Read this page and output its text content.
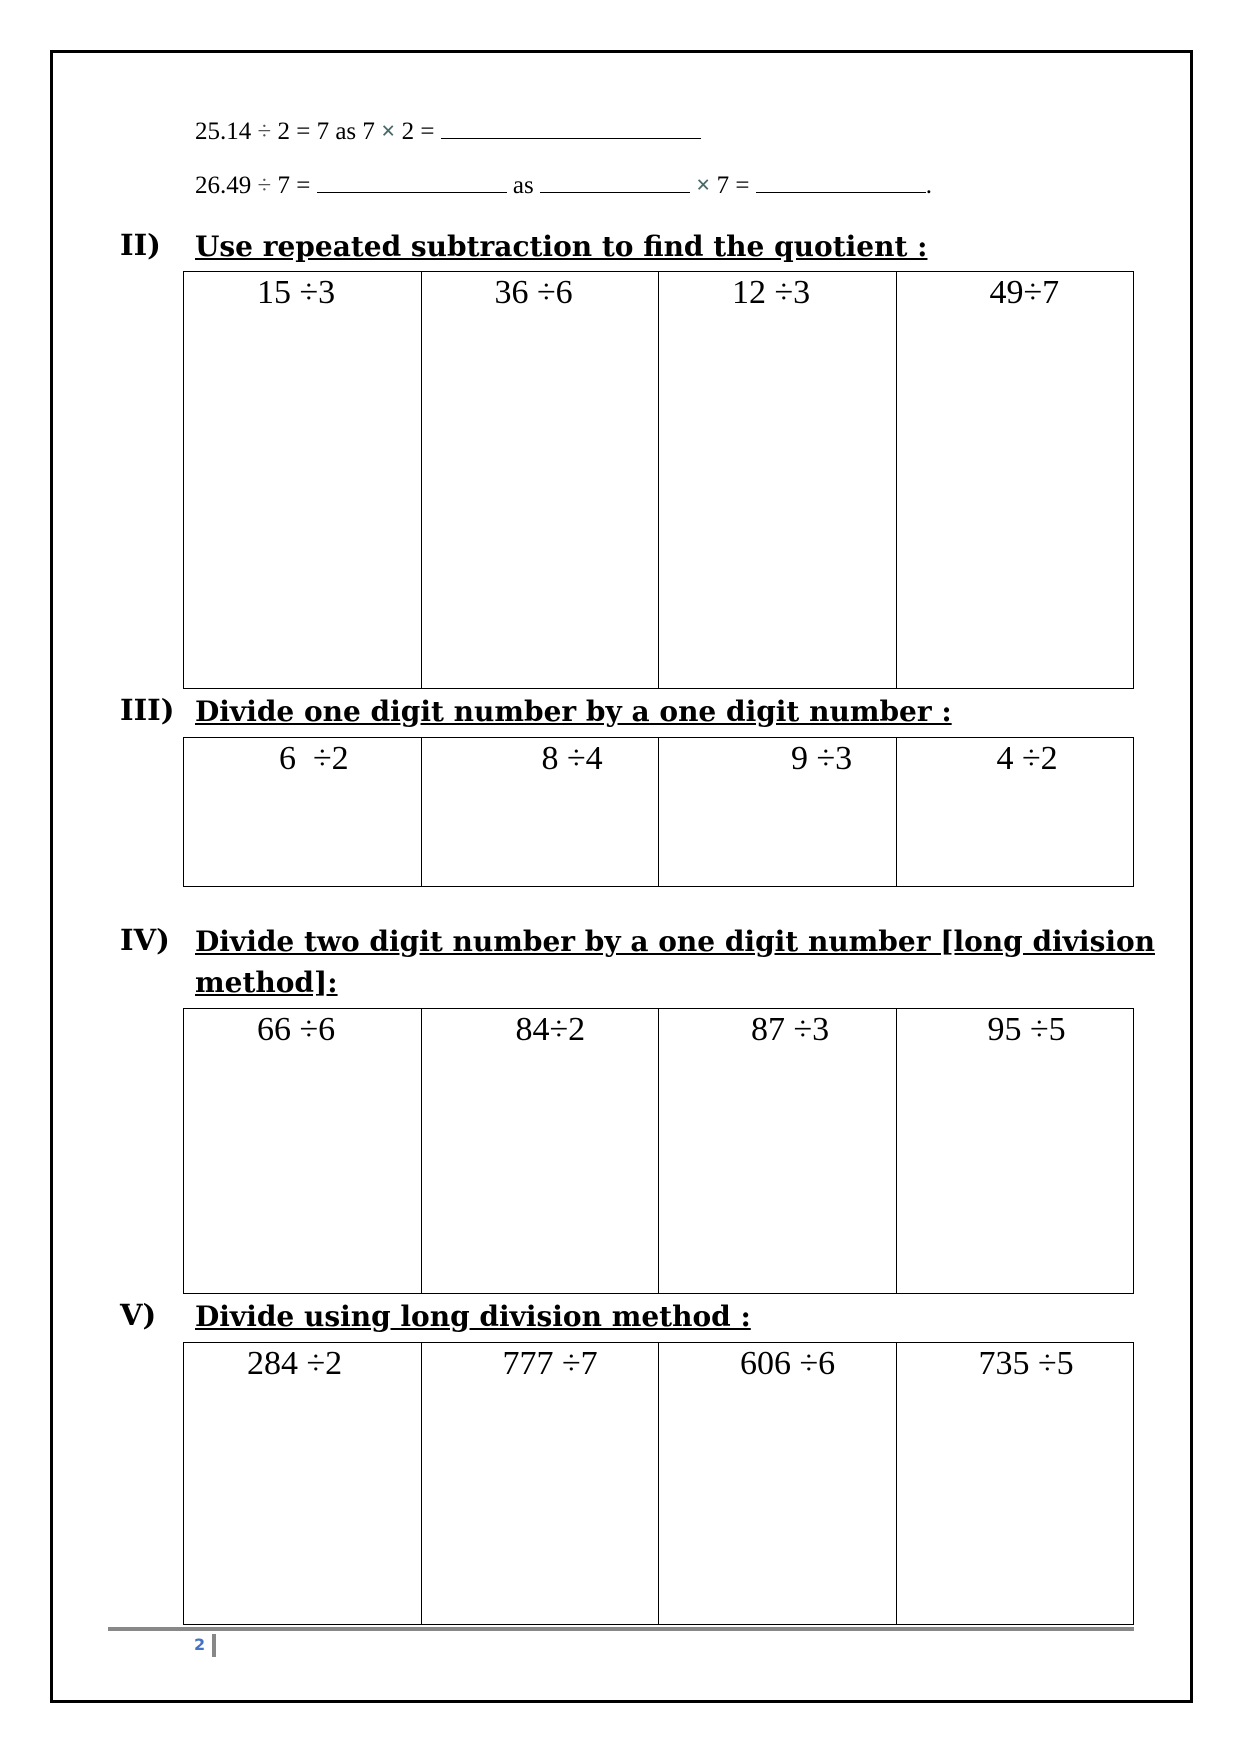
25.14 ÷ 2 = 7 as 7 × 2 =
26.49 ÷ 7 =	as	× 7 =	.
II) Use repeated subtraction to find the quotient :
15 ÷3	36 ÷6	12 ÷3	49÷7
III) Divide one digit number by a one digit number :
6  ÷2	8 ÷4	9 ÷3	4 ÷2
IV) Divide two digit number by a one digit number [long division
method]:
66 ÷6	84÷2	87 ÷3	95 ÷5
V) Divide using long division method :
284 ÷2	777 ÷7	606 ÷6	735 ÷5
2
